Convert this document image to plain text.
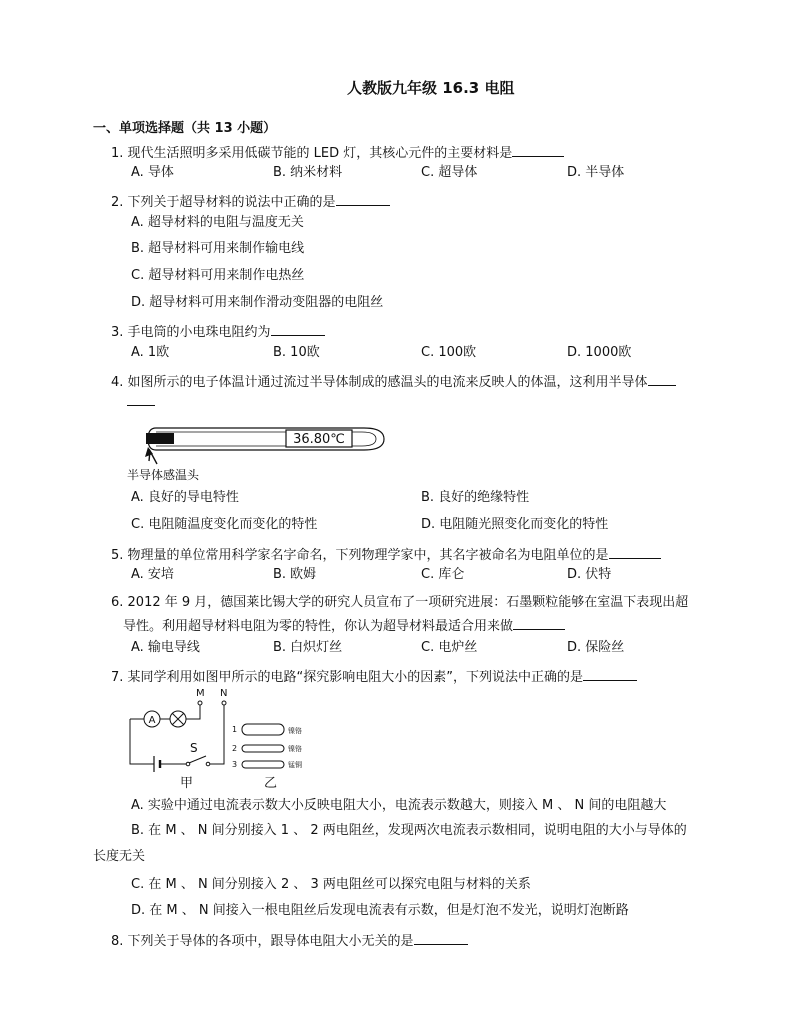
人教版九年级 16.3 电阻
一、单项选择题（共 13 小题）
1. 现代生活照明多采用低碳节能的 LED 灯，其核心元件的主要材料是
A. 导体	B. 纳米材料	C. 超导体	D. 半导体
2. 下列关于超导材料的说法中正确的是
A. 超导材料的电阻与温度无关
B. 超导材料可用来制作输电线
C. 超导材料可用来制作电热丝
D. 超导材料可用来制作滑动变阻器的电阻丝
3. 手电筒的小电珠电阻约为
A. 1欧	B. 10欧	C. 100欧	D. 1000欧
4. 如图所示的电子体温计通过流过半导体制成的感温头的电流来反映人的体温，这利用半导体
36.80℃
半导体感温头
A. 良好的导电特性	B. 良好的绝缘特性
C. 电阻随温度变化而变化的特性	D. 电阻随光照变化而变化的特性
5. 物理量的单位常用科学家名字命名，下列物理学家中，其名字被命名为电阻单位的是
A. 安培	B. 欧姆	C. 库仑	D. 伏特
6. 2012 年 9 月，德国莱比锡大学的研究人员宣布了一项研究进展：石墨颗粒能够在室温下表现出超
导性。利用超导材料电阻为零的特性，你认为超导材料最适合用来做
A. 输电导线	B. 白炽灯丝	C. 电炉丝	D. 保险丝
7. 某同学利用如图甲所示的电路“探究影响电阻大小的因素”，下列说法中正确的是
S
A
M N
甲	乙
1	镍铬
2	镍铬
3	锰铜
A. 实验中通过电流表示数大小反映电阻大小，电流表示数越大，则接入 M 、 N 间的电阻越大
B. 在 M 、 N 间分别接入 1 、 2 两电阻丝，发现两次电流表示数相同，说明电阻的大小与导体的
长度无关
C. 在 M 、 N 间分别接入 2 、 3 两电阻丝可以探究电阻与材料的关系
D. 在 M 、 N 间接入一根电阻丝后发现电流表有示数，但是灯泡不发光，说明灯泡断路
8. 下列关于导体的各项中，跟导体电阻大小无关的是
